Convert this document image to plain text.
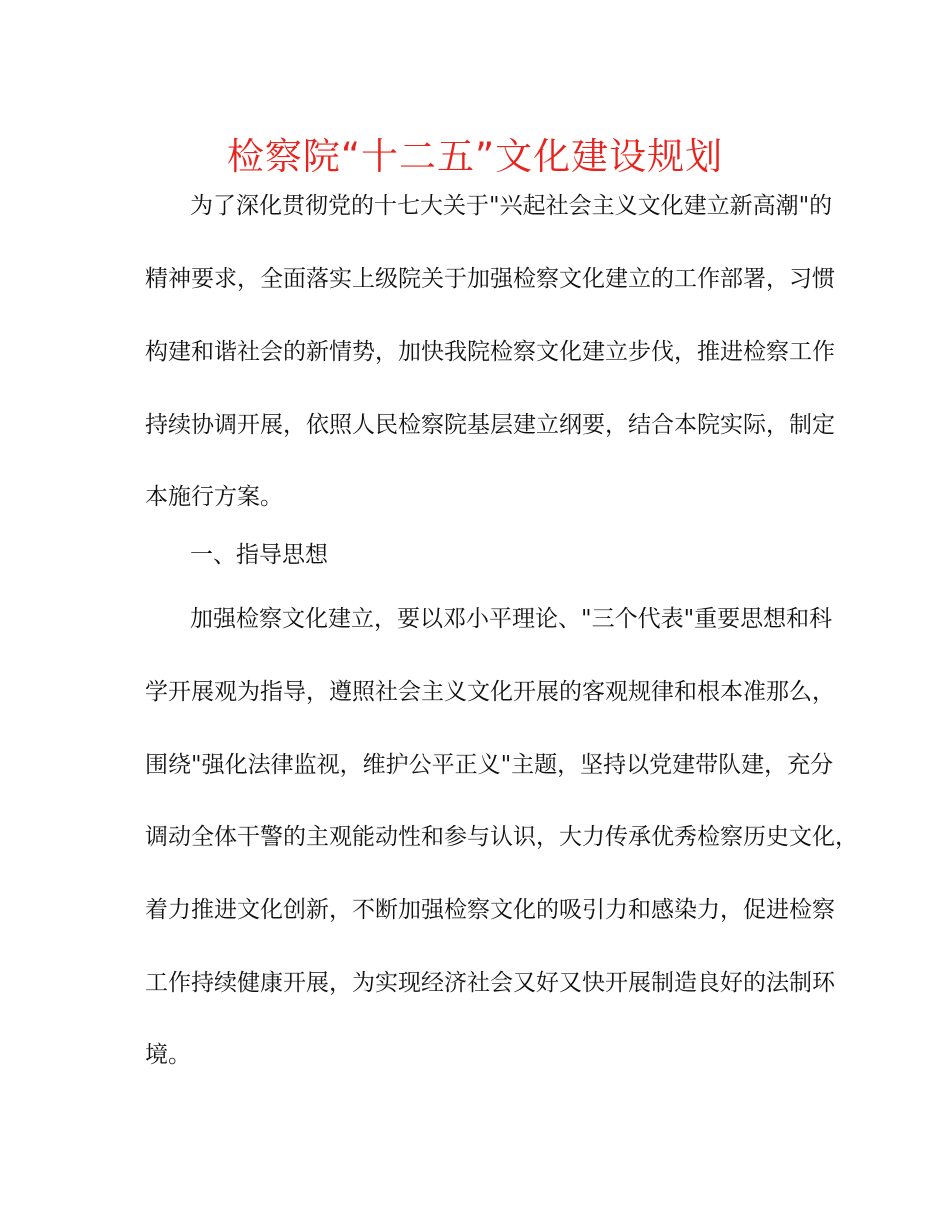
检察院“十二五”文化建设规划
为了深化贯彻党的十七大关于"兴起社会主义文化建立新高潮"的
精神要求，全面落实上级院关于加强检察文化建立的工作部署，习惯
构建和谐社会的新情势，加快我院检察文化建立步伐，推进检察工作
持续协调开展，依照人民检察院基层建立纲要，结合本院实际，制定
本施行方案。
一、指导思想
加强检察文化建立，要以邓小平理论、"三个代表"重要思想和科
学开展观为指导，遵照社会主义文化开展的客观规律和根本准那么，
围绕"强化法律监视，维护公平正义"主题，坚持以党建带队建，充分
调动全体干警的主观能动性和参与认识，大力传承优秀检察历史文化，
着力推进文化创新，不断加强检察文化的吸引力和感染力，促进检察
工作持续健康开展，为实现经济社会又好又快开展制造良好的法制环
境。
